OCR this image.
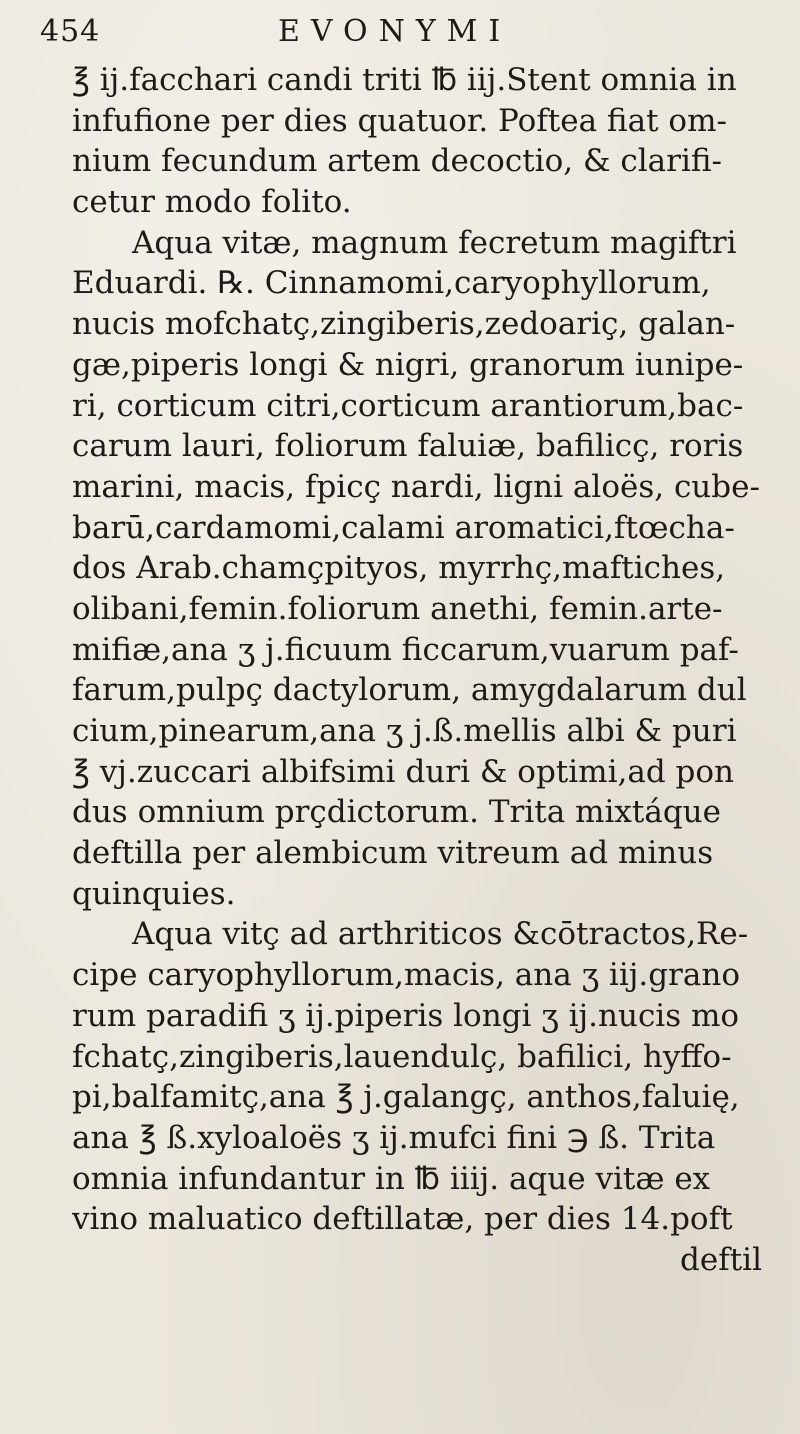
454	EVONYMI
℥ ij.facchari candi triti ℔ iij.Stent omnia in
infufione per dies quatuor. Poftea fiat om-
nium fecundum artem decoctio, & clarifi-
cetur modo folito.
Aqua vitæ, magnum fecretum magiftri
Eduardi. ℞. Cinnamomi,caryophyllorum,
nucis mofchatç,zingiberis,zedoariç, galan-
gæ,piperis longi & nigri, granorum iunipe-
ri, corticum citri,corticum arantiorum,bac-
carum lauri, foliorum faluiæ, bafilicç, roris
marini, macis, fpicç nardi, ligni aloës, cube-
barū,cardamomi,calami aromatici,ftœcha-
dos Arab.chamçpityos, myrrhç,maftiches,
olibani,femin.foliorum anethi, femin.arte-
mifiæ,ana ʒ j.ficuum ficcarum,vuarum paf-
farum,pulpç dactylorum, amygdalarum dul
cium,pinearum,ana ʒ j.ß.mellis albi & puri
℥ vj.zuccari albifsimi duri & optimi,ad pon
dus omnium prçdictorum. Trita mixtáque
deftilla per alembicum vitreum ad minus
quinquies.
Aqua vitç ad arthriticos &cōtractos,Re-
cipe caryophyllorum,macis, ana ʒ iij.grano
rum paradifi ʒ ij.piperis longi ʒ ij.nucis mo
fchatç,zingiberis,lauendulç, bafilici, hyffo-
pi,balfamitç,ana ℥ j.galangç, anthos,faluię,
ana ℥ ß.xyloaloës ʒ ij.mufci fini ℈ ß. Trita
omnia infundantur in ℔ iiij. aque vitæ ex
vino maluatico deftillatæ, per dies 14.poft
deftil
